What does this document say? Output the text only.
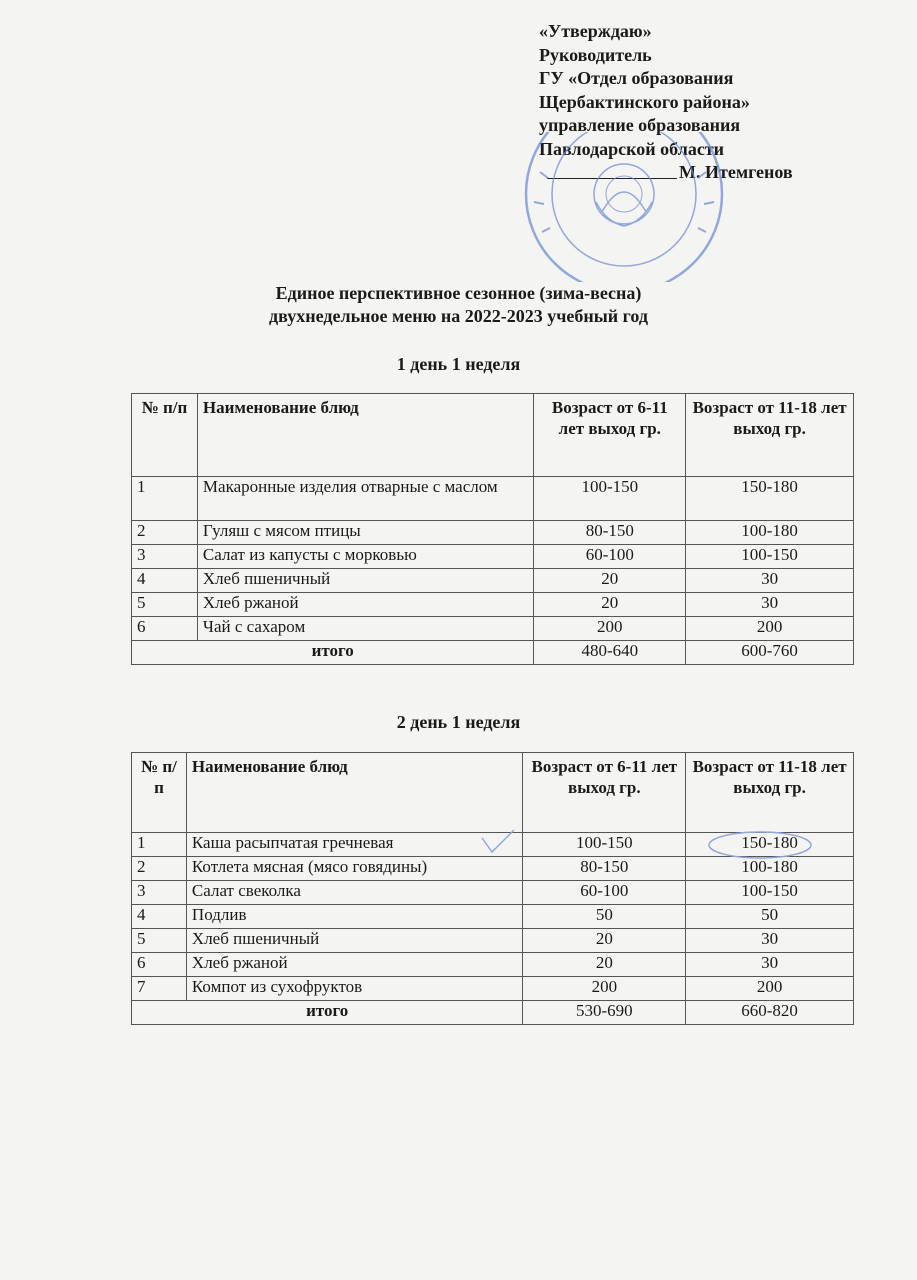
«Утверждаю»
Руководитель
ГУ «Отдел образования
Щербактинского района»
управление образования
Павлодарской области
М. Итемгенов
Единое перспективное сезонное (зима-весна)
двухнедельное меню на 2022-2023 учебный год
1 день 1 неделя
№ п/п	Наименование блюд	Возраст от 6-11 лет выход гр.	Возраст от 11-18 лет выход гр.
1	Макаронные изделия отварные с маслом	100-150	150-180
2	Гуляш с мясом птицы	80-150	100-180
3	Салат из капусты с морковью	60-100	100-150
4	Хлеб пшеничный	20	30
5	Хлеб ржаной	20	30
6	Чай с сахаром	200	200
итого		480-640	600-760
2 день 1 неделя
№ п/п	Наименование блюд	Возраст от 6-11 лет выход гр.	Возраст от 11-18 лет выход гр.
1	Каша расыпчатая гречневая	100-150	150-180
2	Котлета мясная (мясо говядины)	80-150	100-180
3	Салат свеколка	60-100	100-150
4	Подлив	50	50
5	Хлеб пшеничный	20	30
6	Хлеб ржаной	20	30
7	Компот из сухофруктов	200	200
итого		530-690	660-820
